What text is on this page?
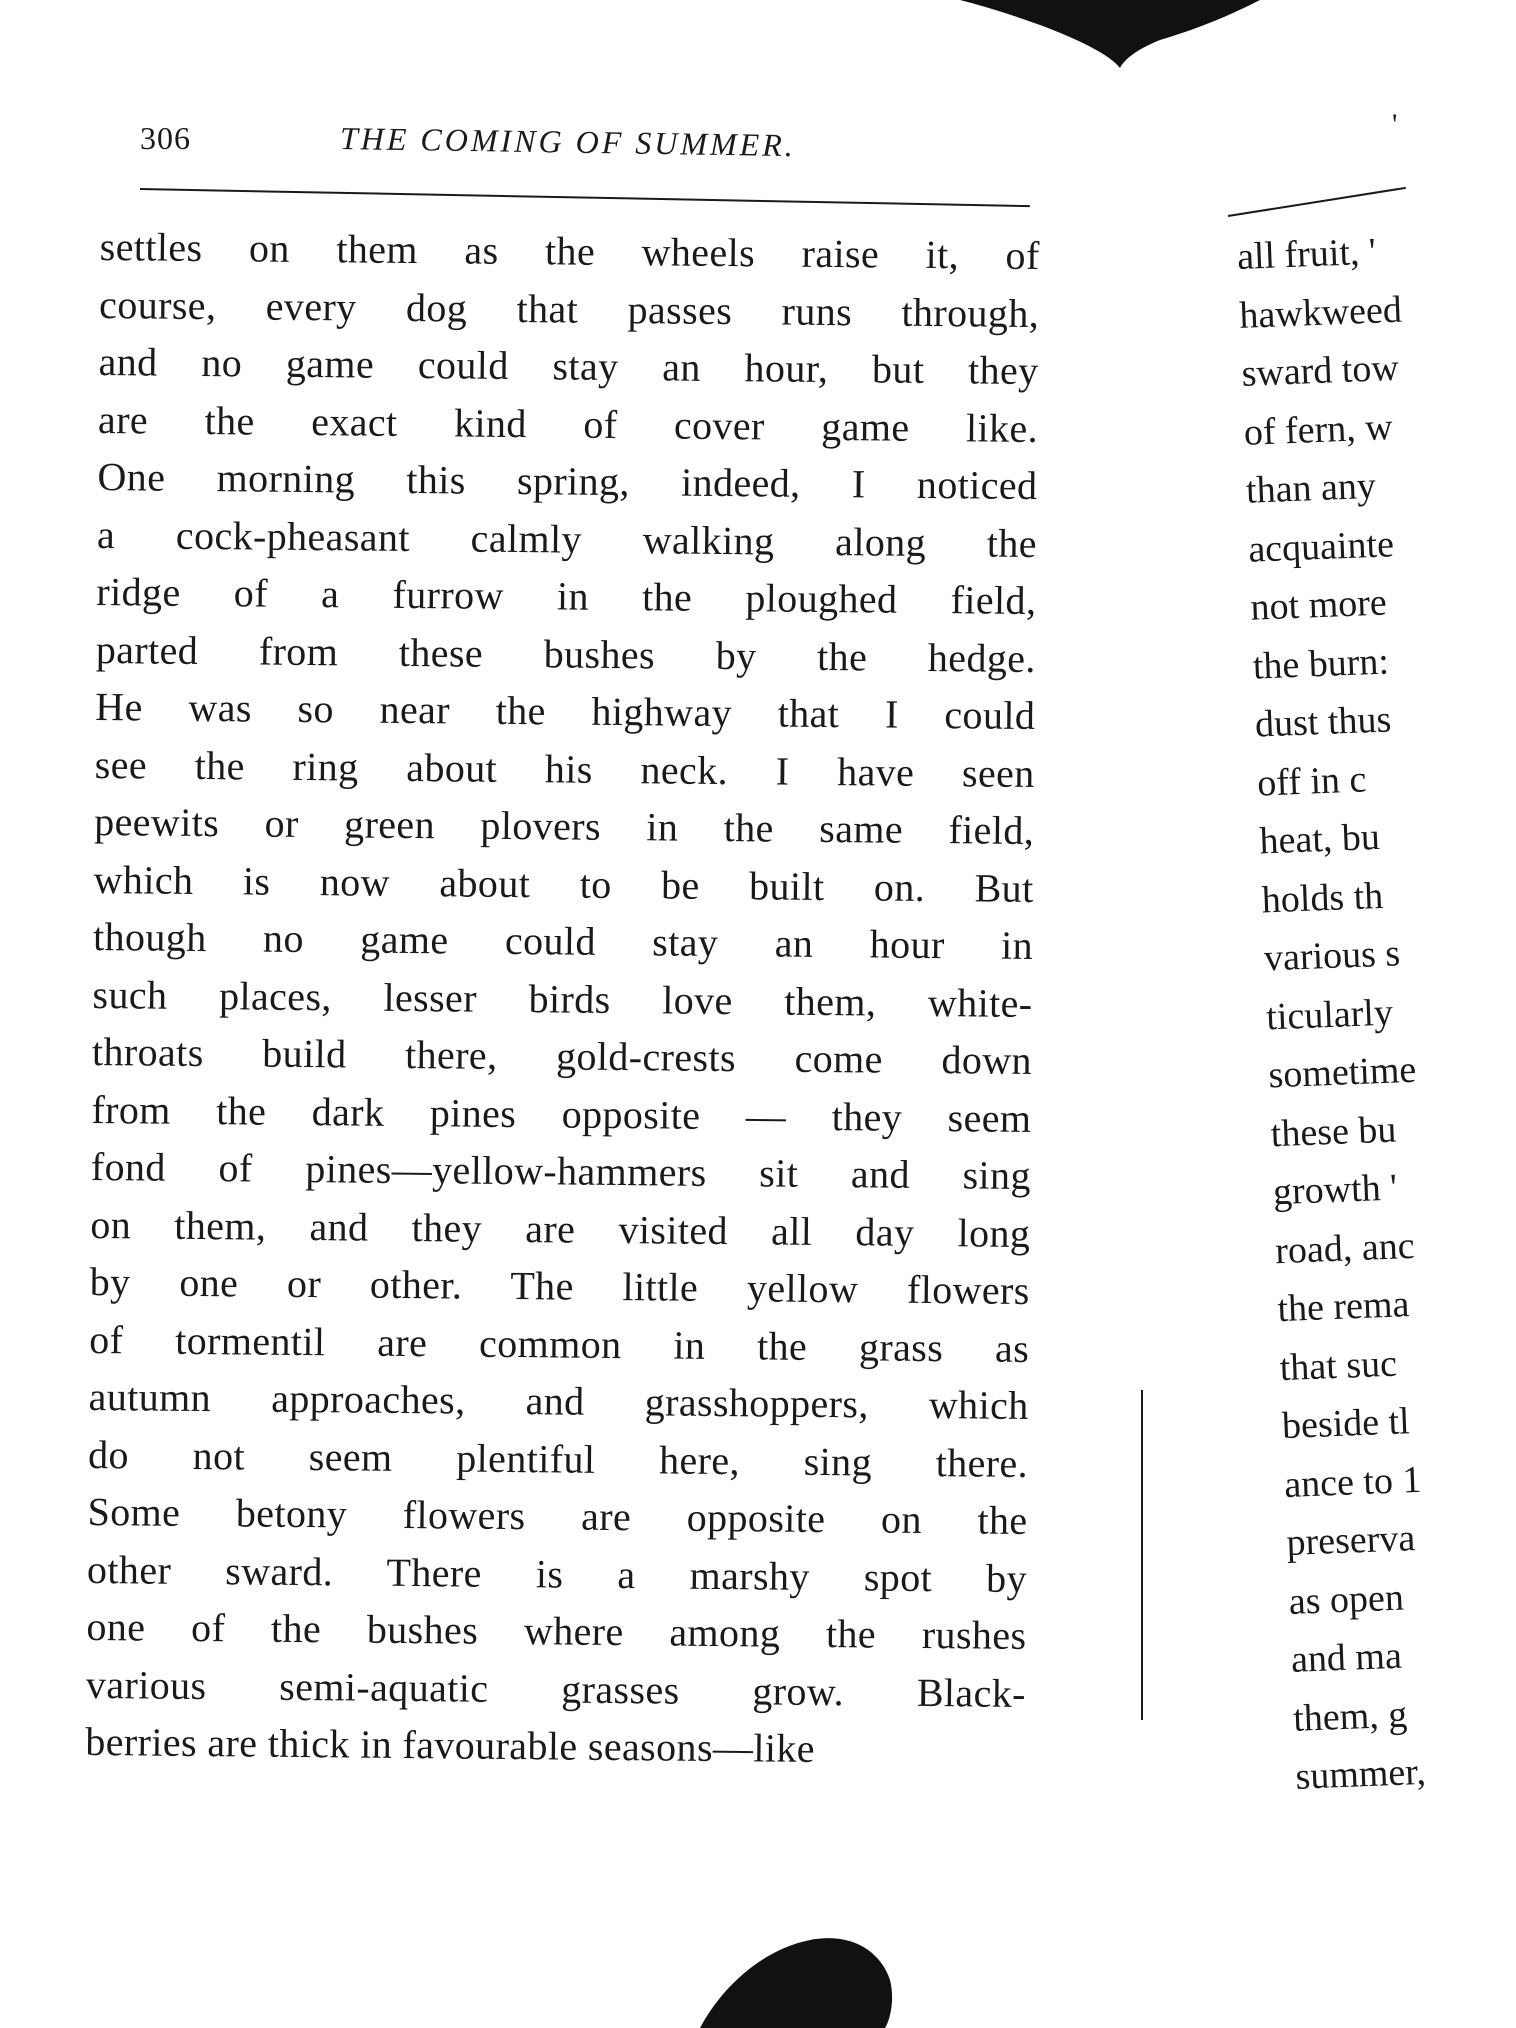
306	THE COMING OF SUMMER.
settles on them as the wheels raise it, of
course, every dog that passes runs through,
and no game could stay an hour, but they
are the exact kind of cover game like.
One morning this spring, indeed, I noticed
a cock-pheasant calmly walking along the
ridge of a furrow in the ploughed field,
parted from these bushes by the hedge.
He was so near the highway that I could
see the ring about his neck. I have seen
peewits or green plovers in the same field,
which is now about to be built on. But
though no game could stay an hour in
such places, lesser birds love them, white-
throats build there, gold-crests come down
from the dark pines opposite — they seem
fond of pines—yellow-hammers sit and sing
on them, and they are visited all day long
by one or other. The little yellow flowers
of tormentil are common in the grass as
autumn approaches, and grasshoppers, which
do not seem plentiful here, sing there.
Some betony flowers are opposite on the
other sward. There is a marshy spot by
one of the bushes where among the rushes
various semi-aquatic grasses grow. Black-
berries are thick in favourable seasons—like
'
all fruit, '
hawkweed
sward tow
of fern, w
than any
acquainte
not more
the burn:
dust thus
off in c
heat, bu
holds th
various s
ticularly
sometime
these bu
growth '
road, anc
the rema
that suc
beside tl
ance to 1
preserva
as open
and ma
them, g
summer,
